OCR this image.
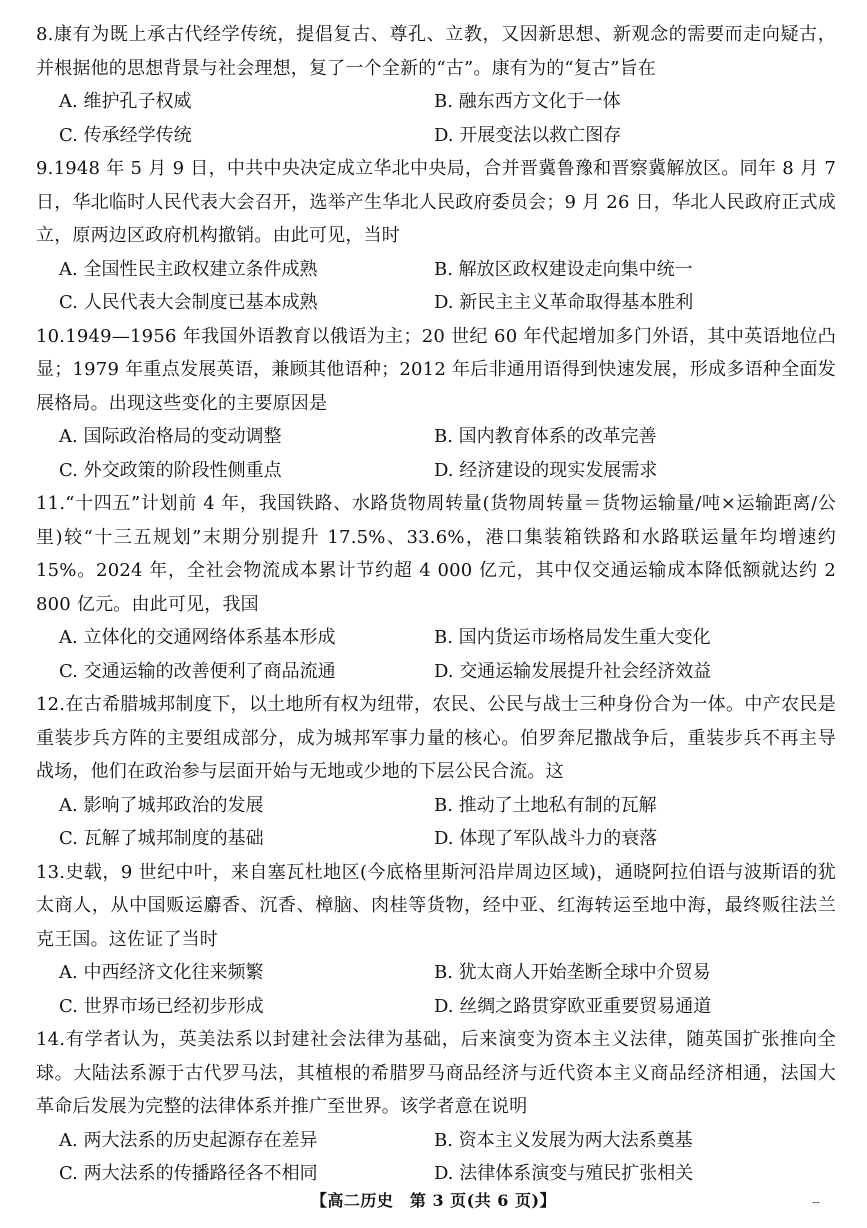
8.康有为既上承古代经学传统，提倡复古、尊孔、立教，又因新思想、新观念的需要而走向疑古，并根据他的思想背景与社会理想，复了一个全新的“古”。康有为的“复古”旨在
A. 维护孔子权威	B. 融东西方文化于一体
C. 传承经学传统	D. 开展变法以救亡图存
9.1948 年 5 月 9 日，中共中央决定成立华北中央局，合并晋冀鲁豫和晋察冀解放区。同年 8 月 7 日，华北临时人民代表大会召开，选举产生华北人民政府委员会；9 月 26 日，华北人民政府正式成立，原两边区政府机构撤销。由此可见，当时
A. 全国性民主政权建立条件成熟	B. 解放区政权建设走向集中统一
C. 人民代表大会制度已基本成熟	D. 新民主主义革命取得基本胜利
10.1949—1956 年我国外语教育以俄语为主；20 世纪 60 年代起增加多门外语，其中英语地位凸显；1979 年重点发展英语，兼顾其他语种；2012 年后非通用语得到快速发展，形成多语种全面发展格局。出现这些变化的主要原因是
A. 国际政治格局的变动调整	B. 国内教育体系的改革完善
C. 外交政策的阶段性侧重点	D. 经济建设的现实发展需求
11.“十四五”计划前 4 年，我国铁路、水路货物周转量(货物周转量＝货物运输量/吨×运输距离/公里)较“十三五规划”末期分别提升 17.5%、33.6%，港口集装箱铁路和水路联运量年均增速约 15%。2024 年，全社会物流成本累计节约超 4 000 亿元，其中仅交通运输成本降低额就达约 2 800 亿元。由此可见，我国
A. 立体化的交通网络体系基本形成	B. 国内货运市场格局发生重大变化
C. 交通运输的改善便利了商品流通	D. 交通运输发展提升社会经济效益
12.在古希腊城邦制度下，以土地所有权为纽带，农民、公民与战士三种身份合为一体。中产农民是重装步兵方阵的主要组成部分，成为城邦军事力量的核心。伯罗奔尼撒战争后，重装步兵不再主导战场，他们在政治参与层面开始与无地或少地的下层公民合流。这
A. 影响了城邦政治的发展	B. 推动了土地私有制的瓦解
C. 瓦解了城邦制度的基础	D. 体现了军队战斗力的衰落
13.史载，9 世纪中叶，来自塞瓦杜地区(今底格里斯河沿岸周边区域)，通晓阿拉伯语与波斯语的犹太商人，从中国贩运麝香、沉香、樟脑、肉桂等货物，经中亚、红海转运至地中海，最终贩往法兰克王国。这佐证了当时
A. 中西经济文化往来频繁	B. 犹太商人开始垄断全球中介贸易
C. 世界市场已经初步形成	D. 丝绸之路贯穿欧亚重要贸易通道
14.有学者认为，英美法系以封建社会法律为基础，后来演变为资本主义法律，随英国扩张推向全球。大陆法系源于古代罗马法，其植根的希腊罗马商品经济与近代资本主义商品经济相通，法国大革命后发展为完整的法律体系并推广至世界。该学者意在说明
A. 两大法系的历史起源存在差异	B. 资本主义发展为两大法系奠基
C. 两大法系的传播路径各不相同	D. 法律体系演变与殖民扩张相关
【高二历史　第 3 页(共 6 页)】	--
